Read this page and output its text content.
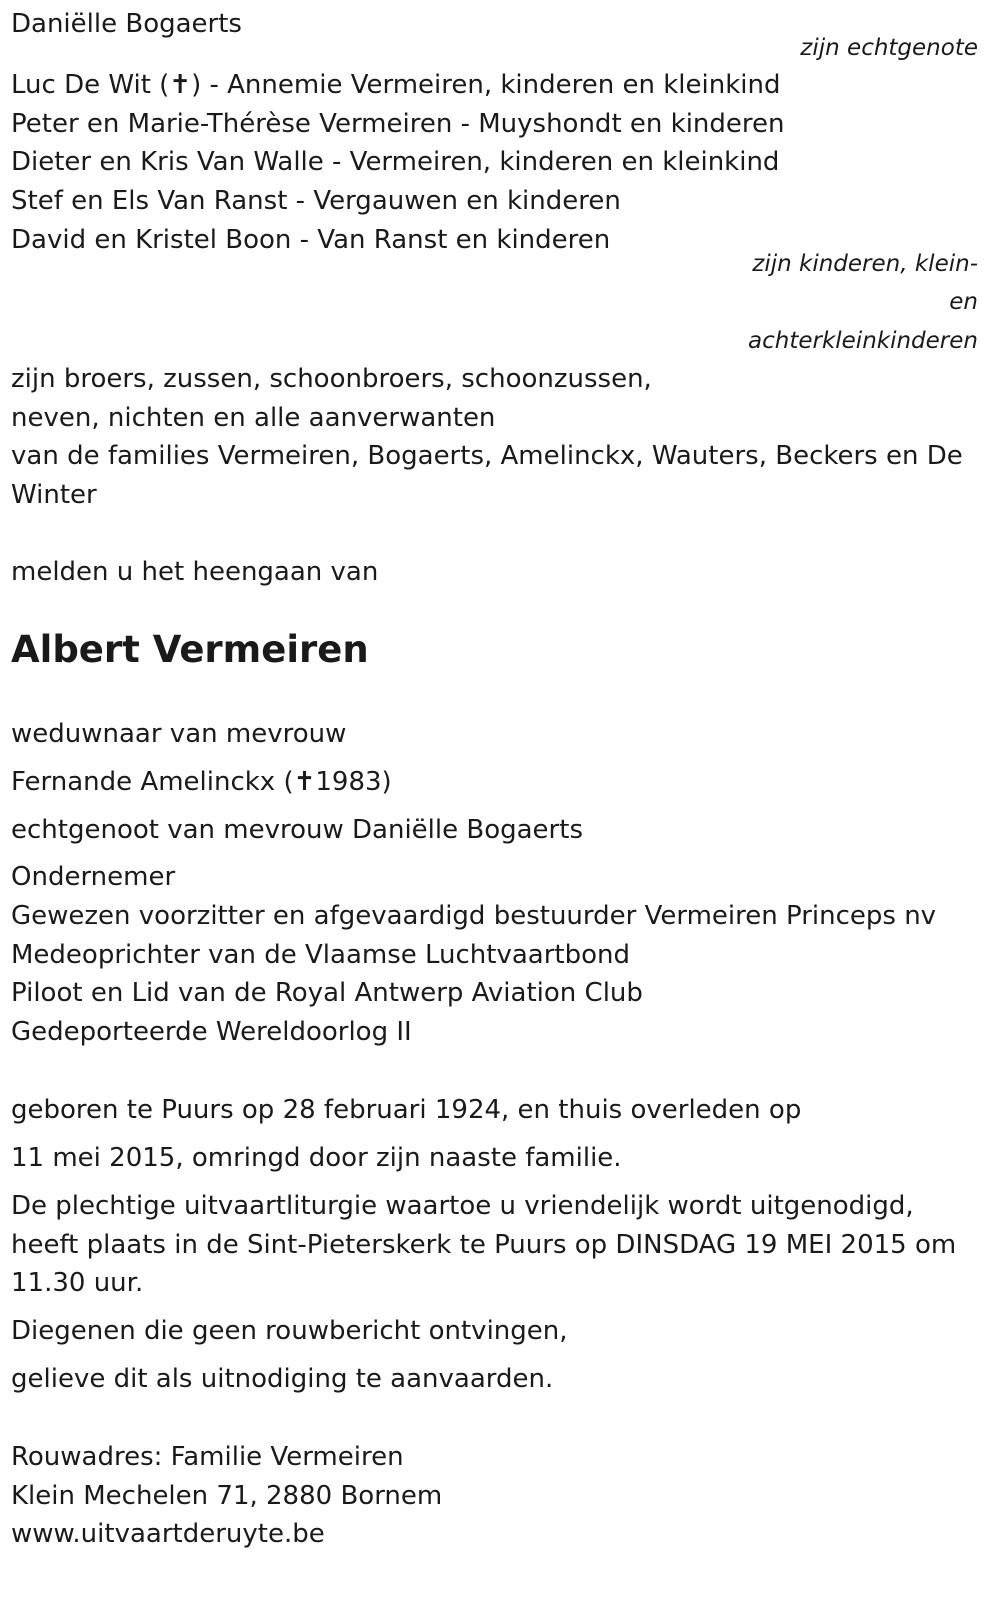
Daniëlle Bogaerts
zijn echtgenote
Luc De Wit (✝) - Annemie Vermeiren, kinderen en kleinkind
Peter en Marie-Thérèse Vermeiren - Muyshondt en kinderen
Dieter en Kris Van Walle - Vermeiren, kinderen en kleinkind
Stef en Els Van Ranst - Vergauwen en kinderen
David en Kristel Boon - Van Ranst en kinderen
zijn kinderen, klein-
en
achterkleinkinderen
zijn broers, zussen, schoonbroers, schoonzussen,
neven, nichten en alle aanverwanten
van de families Vermeiren, Bogaerts, Amelinckx, Wauters, Beckers en De
Winter
melden u het heengaan van
Albert Vermeiren
weduwnaar van mevrouw
Fernande Amelinckx (✝1983)
echtgenoot van mevrouw Daniëlle Bogaerts
Ondernemer
Gewezen voorzitter en afgevaardigd bestuurder Vermeiren Princeps nv
Medeoprichter van de Vlaamse Luchtvaartbond
Piloot en Lid van de Royal Antwerp Aviation Club
Gedeporteerde Wereldoorlog II
geboren te Puurs op 28 februari 1924, en thuis overleden op
11 mei 2015, omringd door zijn naaste familie.
De plechtige uitvaartliturgie waartoe u vriendelijk wordt uitgenodigd,
heeft plaats in de Sint-Pieterskerk te Puurs op DINSDAG 19 MEI 2015 om
11.30 uur.
Diegenen die geen rouwbericht ontvingen,
gelieve dit als uitnodiging te aanvaarden.
Rouwadres: Familie Vermeiren
Klein Mechelen 71, 2880 Bornem
www.uitvaartderuyte.be
